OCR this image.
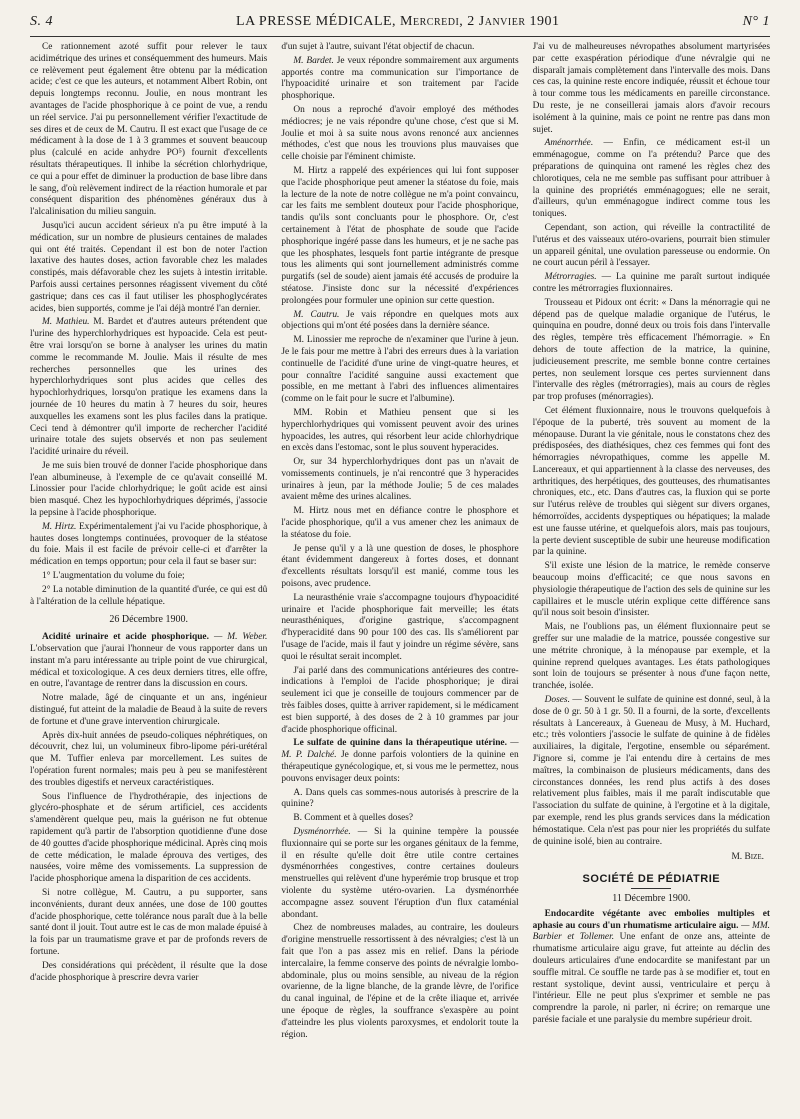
S. 4	LA PRESSE MÉDICALE, Mercredi, 2 Janvier 1901	N° 1

Ce rationnement azoté suffit pour relever le taux acidimétrique des urines et conséquemment des humeurs. Mais ce relèvement peut également être obtenu par la médication acide; c'est ce que les auteurs, et notamment Albert Robin, ont depuis longtemps reconnu. Joulie, en nous montrant les avantages de l'acide phosphorique à ce point de vue, a rendu un réel service. J'ai pu personnellement vérifier l'exactitude de ses dires et de ceux de M. Cautru. Il est exact que l'usage de ce médicament à la dose de 1 à 3 grammes et souvent beaucoup plus (calculé en acide anhydre PO⁵) fournit d'excellents résultats thérapeutiques. Il inhibe la sécrétion chlorhydrique, ce qui a pour effet de diminuer la production de base libre dans le sang, d'où relèvement indirect de la réaction humorale et par conséquent disparition des phénomènes généraux dus à l'alcalinisation du milieu sanguin.

Jusqu'ici aucun accident sérieux n'a pu être imputé à la médication, sur un nombre de plusieurs centaines de malades qui ont été traités. Cependant il est bon de noter l'action laxative des hautes doses, action favorable chez les malades constipés, mais défavorable chez les sujets à intestin irritable. Parfois aussi certaines personnes réagissent vivement du côté gastrique; dans ces cas il faut utiliser les phosphoglycérates acides, bien supportés, comme je l'ai déjà montré l'an dernier.

M. Mathieu. M. Bardet et d'autres auteurs prétendent que l'urine des hyperchlorhydriques est hypoacide. Cela est peut-être vrai lorsqu'on se borne à analyser les urines du matin comme le recommande M. Joulie. Mais il résulte de mes recherches personnelles que les urines des hyperchlorhydriques sont plus acides que celles des hypochlorhydriques, lorsqu'on pratique les examens dans la journée de 10 heures du matin à 7 heures du soir, heures auxquelles les examens sont les plus faciles dans la pratique. Ceci tend à démontrer qu'il importe de rechercher l'acidité urinaire totale des sujets observés et non pas seulement l'acidité urinaire du réveil.

Je me suis bien trouvé de donner l'acide phosphorique dans l'ean albumineuse, à l'exemple de ce qu'avait conseillé M. Linossier pour l'acide chlorhydrique; le goût acide est ainsi bien masqué. Chez les hypochlorhydriques déprimés, j'associe la pepsine à l'acide phosphorique.

M. Hirtz. Expérimentalement j'ai vu l'acide phosphorique, à hautes doses longtemps continuées, provoquer de la stéatose du foie. Mais il est facile de prévoir celle-ci et d'arrêter la médication en temps opportun; pour cela il faut se baser sur:

1° L'augmentation du volume du foie;

2° La notable diminution de la quantité d'urée, ce qui est dû à l'altération de la cellule hépatique.

26 Décembre 1900.

Acidité urinaire et acide phosphorique. — M. Weber. L'observation que j'aurai l'honneur de vous rapporter dans un instant m'a paru intéressante au triple point de vue chirurgical, médical et toxicologique. A ces deux derniers titres, elle offre, en outre, l'avantage de rentrer dans la discussion en cours.

Notre malade, âgé de cinquante et un ans, ingénieur distingué, fut atteint de la maladie de Beaud à la suite de revers de fortune et d'une grave intervention chirurgicale.

Après dix-huit années de pseudo-coliques néphrétiques, on découvrit, chez lui, un volumineux fibro-lipome péri-urétéral que M. Tuffier enleva par morcellement. Les suites de l'opération furent normales; mais peu à peu se manifestèrent des troubles digestifs et nerveux caractéristiques.

Sous l'influence de l'hydrothérapie, des injections de glycéro-phosphate et de sérum artificiel, ces accidents s'amendèrent quelque peu, mais la guérison ne fut obtenue rapidement qu'à partir de l'absorption quotidienne d'une dose de 40 gouttes d'acide phosphorique médicinal. Après cinq mois de cette médication, le malade éprouva des vertiges, des nausées, voire même des vomissements. La suppression de l'acide phosphorique amena la disparition de ces accidents.

Si notre collègue, M. Cautru, a pu supporter, sans inconvénients, durant deux années, une dose de 100 gouttes d'acide phosphorique, cette tolérance nous paraît due à la belle santé dont il jouit. Tout autre est le cas de mon malade épuisé à la fois par un traumatisme grave et par de profonds revers de fortune.

Des considérations qui précèdent, il résulte que la dose d'acide phosphorique à prescrire devra varier

d'un sujet à l'autre, suivant l'état objectif de chacun.

M. Bardet. Je veux répondre sommairement aux arguments apportés contre ma communication sur l'importance de l'hypoacidité urinaire et son traitement par l'acide phosphorique.

On nous a reproché d'avoir employé des méthodes médiocres; je ne vais répondre qu'une chose, c'est que si M. Joulie et moi à sa suite nous avons renoncé aux anciennes méthodes, c'est que nous les trouvions plus mauvaises que celle choisie par l'éminent chimiste.

M. Hirtz a rappelé des expériences qui lui font supposer que l'acide phosphorique peut amener la stéatose du foie, mais la lecture de la note de notre collègue ne m'a point convaincu, car les faits me semblent douteux pour l'acide phosphorique, tandis qu'ils sont concluants pour le phosphore. Or, c'est certainement à l'état de phosphate de soude que l'acide phosphorique ingéré passe dans les humeurs, et je ne sache pas que les phosphates, lesquels font partie intégrante de presque tous les aliments qui sont journellement administrés comme purgatifs (sel de soude) aient jamais été accusés de produire la stéatose. J'insiste donc sur la nécessité d'expériences prolongées pour formuler une opinion sur cette question.

M. Cautru. Je vais répondre en quelques mots aux objections qui m'ont été posées dans la dernière séance.

M. Linossier me reproche de n'examiner que l'urine à jeun. Je le fais pour me mettre à l'abri des erreurs dues à la variation continuelle de l'acidité d'une urine de vingt-quatre heures, et pour connaître l'acidité sanguine aussi exactement que possible, en me mettant à l'abri des influences alimentaires (comme on le fait pour le sucre et l'albumine).

MM. Robin et Mathieu pensent que si les hyperchlorhydriques qui vomissent peuvent avoir des urines hypoacides, les autres, qui résorbent leur acide chlorhydrique en excès dans l'estomac, sont le plus souvent hyperacides.

Or, sur 34 hyperchlorhydriques dont pas un n'avait de vomissements continuels, je n'ai rencontré que 3 hyperacides urinaires à jeun, par la méthode Joulie; 5 de ces malades avaient même des urines alcalines.

M. Hirtz nous met en défiance contre le phosphore et l'acide phosphorique, qu'il a vus amener chez les animaux de la stéatose du foie.

Je pense qu'il y a là une question de doses, le phosphore étant évidemment dangereux à fortes doses, et donnant d'excellents résultats lorsqu'il est manié, comme tous les poisons, avec prudence.

La neurasthénie vraie s'accompagne toujours d'hypoacidité urinaire et l'acide phosphorique fait merveille; les états neurasthéniques, d'origine gastrique, s'accompagnent d'hyperacidité dans 90 pour 100 des cas. Ils s'améliorent par l'usage de l'acide, mais il faut y joindre un régime sévère, sans quoi le résultat serait incomplet.

J'ai parlé dans des communications antérieures des contre-indications à l'emploi de l'acide phosphorique; je dirai seulement ici que je conseille de toujours commencer par de très faibles doses, quitte à arriver rapidement, si le médicament est bien supporté, à des doses de 2 à 10 grammes par jour d'acide phosphorique officinal.

Le sulfate de quinine dans la thérapeutique utérine. — M. P. Dalché. Je donne parfois volontiers de la quinine en thérapeutique gynécologique, et, si vous me le permettez, nous pouvons envisager deux points:

A. Dans quels cas sommes-nous autorisés à prescrire de la quinine?

B. Comment et à quelles doses?

Dysménorrhée. — Si la quinine tempère la poussée fluxionnaire qui se porte sur les organes génitaux de la femme, il en résulte qu'elle doit être utile contre certaines dysménorrhées congestives, contre certaines douleurs menstruelles qui relèvent d'une hyperémie trop brusque et trop violente du système utéro-ovarien. La dysménorrhée accompagne assez souvent l'éruption d'un flux cataménial abondant.

Chez de nombreuses malades, au contraire, les douleurs d'origine menstruelle ressortissent à des névralgies; c'est là un fait que l'on a pas assez mis en relief. Dans la période intercalaire, la femme conserve des points de névralgie lombo-abdominale, plus ou moins sensible, au niveau de la région ovarienne, de la ligne blanche, de la grande lèvre, de l'orifice du canal inguinal, de l'épine et de la crête iliaque et, arrivée une époque de règles, la souffrance s'exaspère au point d'atteindre les plus violents paroxysmes, et endolorit toute la région.

J'ai vu de malheureuses névropathes absolument martyrisées par cette exaspération périodique d'une névralgie qui ne disparaît jamais complètement dans l'intervalle des mois. Dans ces cas, la quinine reste encore indiquée, réussit et échoue tour à tour comme tous les médicaments en pareille circonstance. Du reste, je ne conseillerai jamais alors d'avoir recours isolément à la quinine, mais ce point ne rentre pas dans mon sujet.

Aménorrhée. — Enfin, ce médicament est-il un emménagogue, comme on l'a prétendu? Parce que des préparations de quinquina ont ramené les règles chez des chlorotiques, cela ne me semble pas suffisant pour attribuer à la quinine des propriétés emménagogues; elle ne serait, d'ailleurs, qu'un emménagogue indirect comme tous les toniques.

Cependant, son action, qui réveille la contractilité de l'utérus et des vaisseaux utéro-ovariens, pourrait bien stimuler un appareil génital, une ovulation paresseuse ou endormie. On ne court aucun péril à l'essayer.

Métrorragies. — La quinine me paraît surtout indiquée contre les métrorragies fluxionnaires.

Trousseau et Pidoux ont écrit: « Dans la ménorragie qui ne dépend pas de quelque maladie organique de l'utérus, le quinquina en poudre, donné deux ou trois fois dans l'intervalle des règles, tempère très efficacement l'hémorragie. » En dehors de toute affection de la matrice, la quinine, judicieusement prescrite, me semble bonne contre certaines pertes, non seulement lorsque ces pertes surviennent dans l'intervalle des règles (métrorragies), mais au cours de règles par trop profuses (ménorragies).

Cet élément fluxionnaire, nous le trouvons quelquefois à l'époque de la puberté, très souvent au moment de la ménopause. Durant la vie génitale, nous le constatons chez des prédisposées, des diathésiques, chez ces femmes qui font des hémorragies névropathiques, comme les appelle M. Lancereaux, et qui appartiennent à la classe des nerveuses, des arthritiques, des herpétiques, des goutteuses, des rhumatisantes chroniques, etc., etc. Dans d'autres cas, la fluxion qui se porte sur l'utérus relève de troubles qui siègent sur divers organes, hémorroïdes, accidents dyspeptiques ou hépatiques; la malade est une fausse utérine, et quelquefois alors, mais pas toujours, la perte devient susceptible de subir une heureuse modification par la quinine.

S'il existe une lésion de la matrice, le remède conserve beaucoup moins d'efficacité; ce que nous savons en physiologie thérapeutique de l'action des sels de quinine sur les capillaires et le muscle utérin explique cette différence sans qu'il nous soit besoin d'insister.

Mais, ne l'oublions pas, un élément fluxionnaire peut se greffer sur une maladie de la matrice, poussée congestive sur une métrite chronique, à la ménopause par exemple, et la quinine reprend quelques avantages. Les états pathologiques sont loin de toujours se présenter à nous d'une façon nette, tranchée, isolée.

Doses. — Souvent le sulfate de quinine est donné, seul, à la dose de 0 gr. 50 à 1 gr. 50. Il a fourni, de la sorte, d'excellents résultats à Lancereaux, à Gueneau de Musy, à M. Huchard, etc.; très volontiers j'associe le sulfate de quinine à de fidèles auxiliaires, la digitale, l'ergotine, ensemble ou séparément. J'ignore si, comme je l'ai entendu dire à certains de mes maîtres, la combinaison de plusieurs médicaments, dans des circonstances données, les rend plus actifs à des doses relativement plus faibles, mais il me paraît indiscutable que l'association du sulfate de quinine, à l'ergotine et à la digitale, par exemple, rend les plus grands services dans la médication hémostatique. Cela n'est pas pour nier les propriétés du sulfate de quinine isolé, bien au contraire.

M. Bize.
SOCIÉTÉ DE PÉDIATRIE
11 Décembre 1900.

Endocardite végétante avec embolies multiples et aphasie au cours d'un rhumatisme articulaire aigu. — MM. Barbier et Tollemer. Une enfant de onze ans, atteinte de rhumatisme articulaire aigu grave, fut atteinte au déclin des douleurs articulaires d'une endocardite se manifestant par un souffle mitral. Ce souffle ne tarde pas à se modifier et, tout en restant systolique, devint aussi, ventriculaire et perçu à l'intérieur. Elle ne peut plus s'exprimer et semble ne pas comprendre la parole, ni parler, ni écrire; on remarque une parésie faciale et une paralysie du membre supérieur droit.
